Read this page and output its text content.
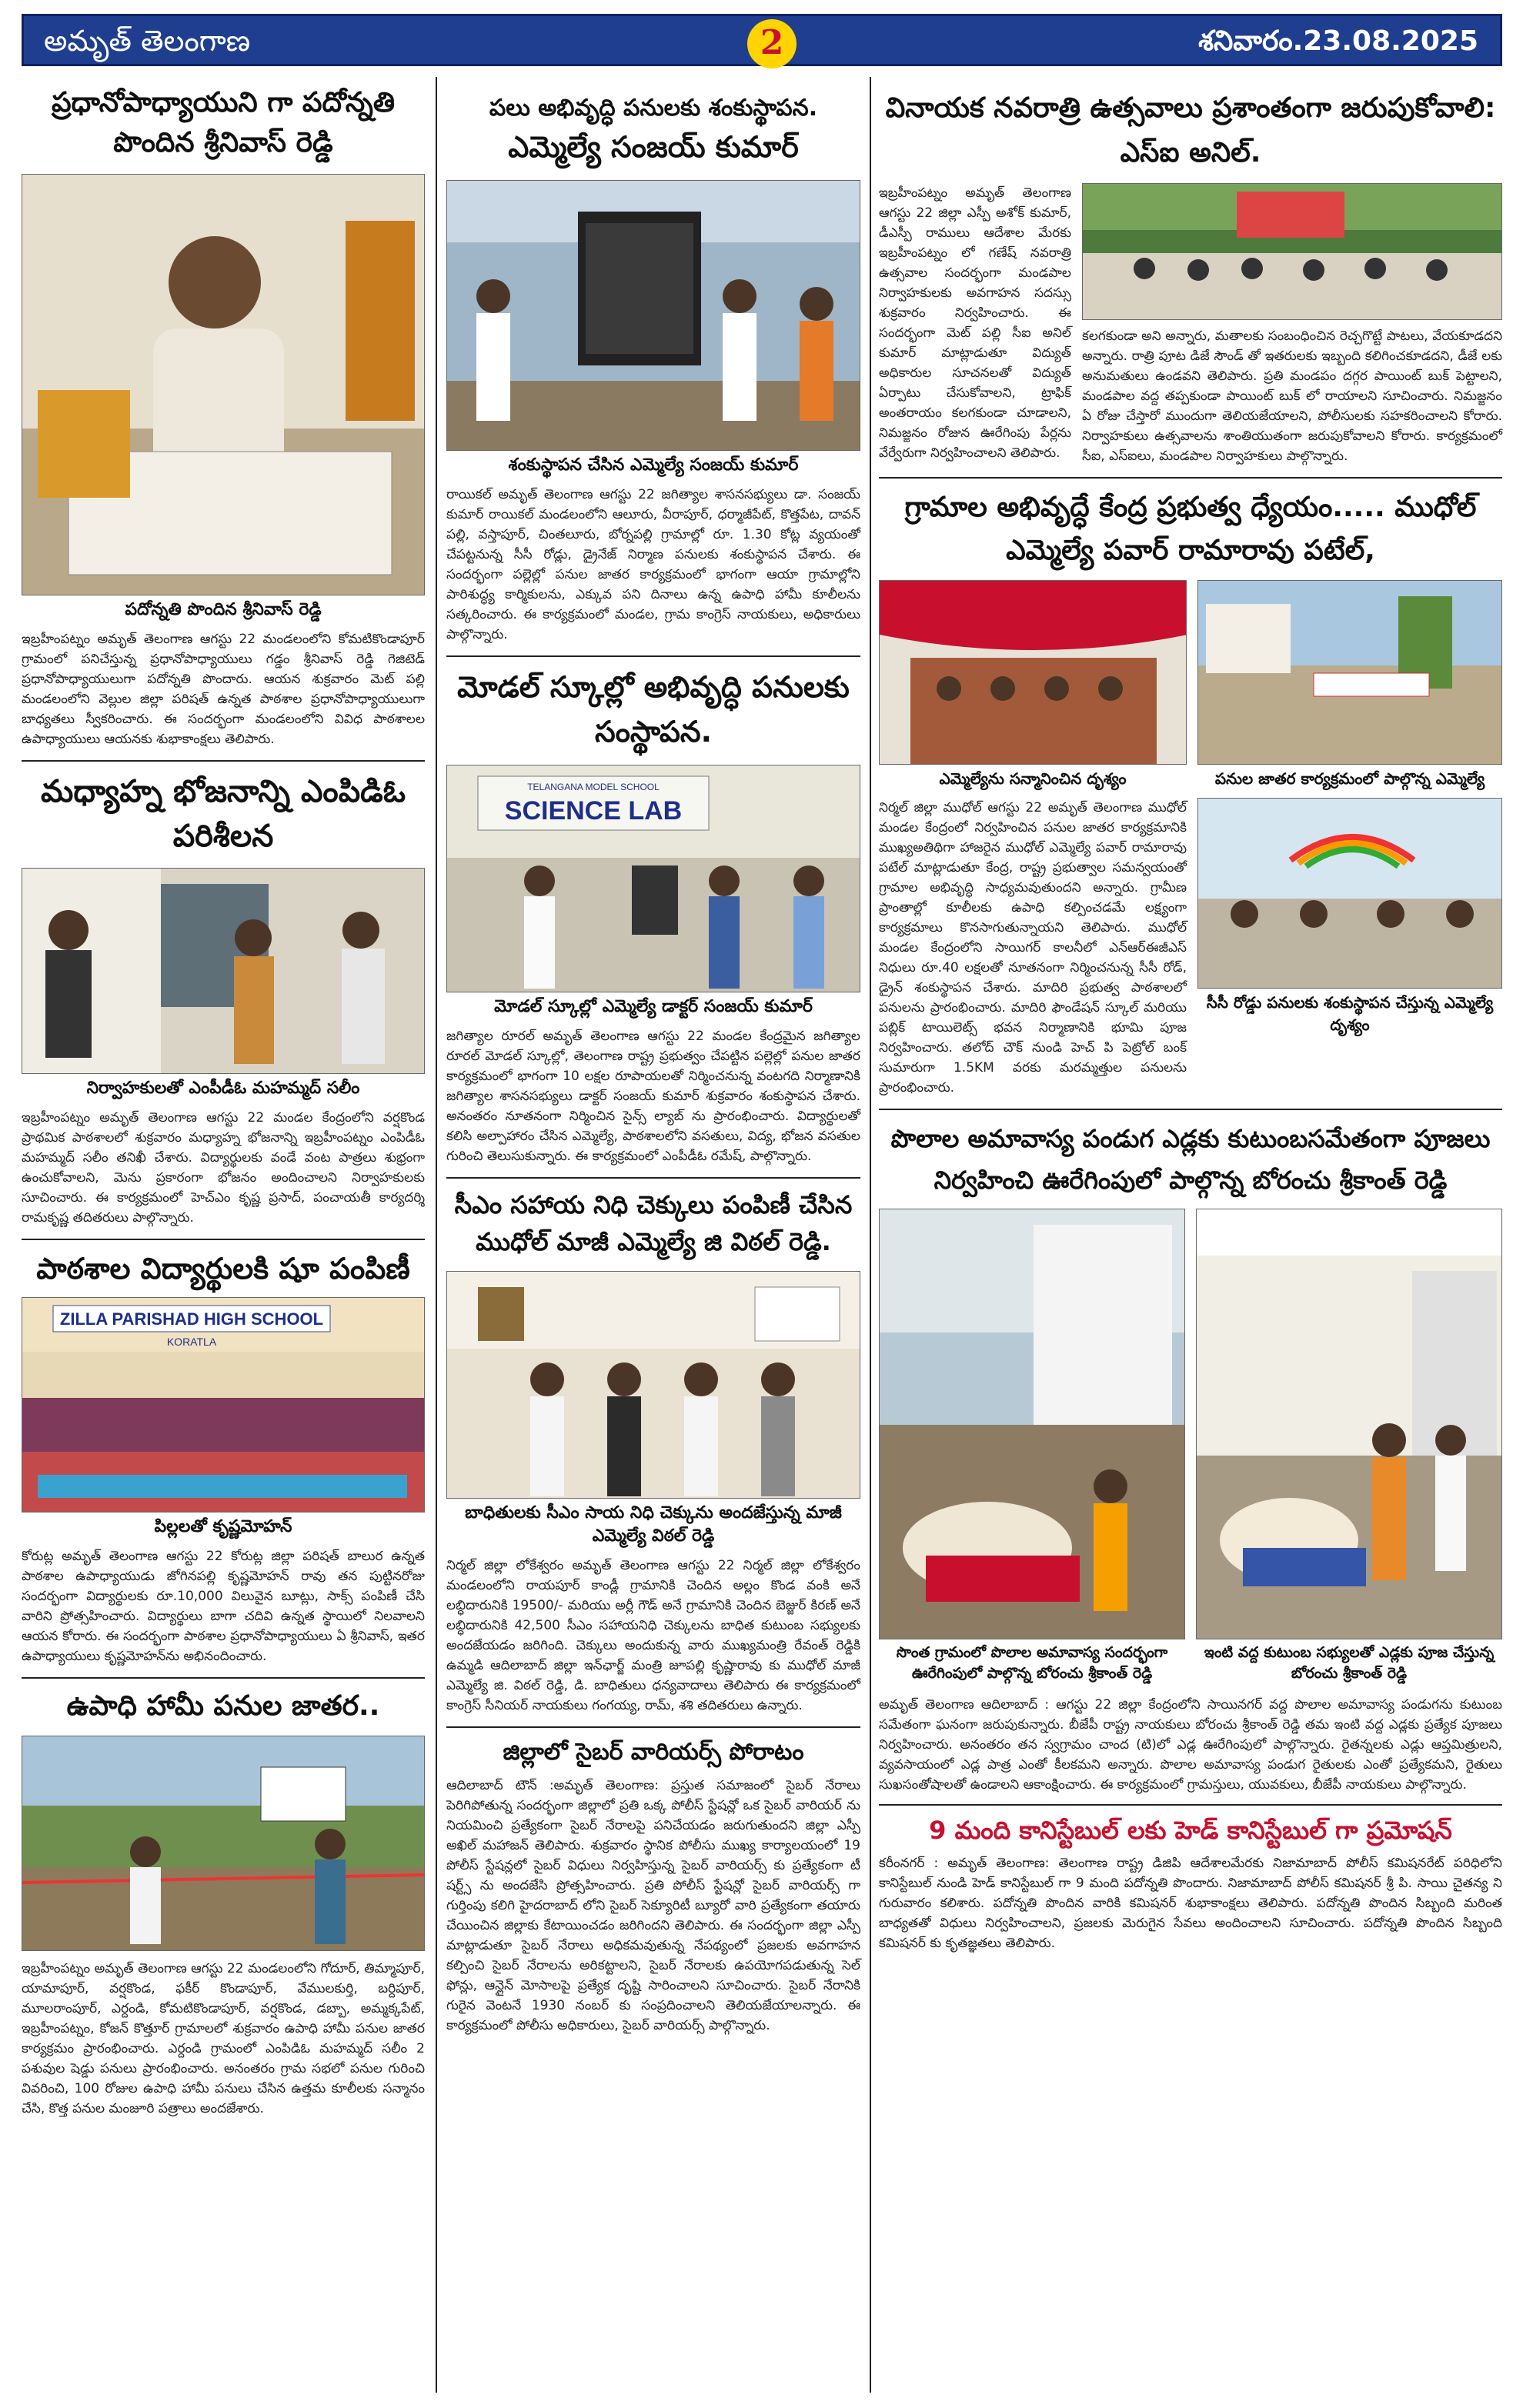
అమృత్ తెలంగాణ	2	శనివారం.23.08.2025
ప్రధానోపాధ్యాయుని గా పదోన్నతి పొందిన శ్రీనివాస్ రెడ్డి
పదోన్నతి పొందిన శ్రీనివాస్ రెడ్డి

ఇబ్రహీంపట్నం అమృత్ తెలంగాణ ఆగస్టు 22 మండలంలోని కోమటికొండాపూర్ గ్రామంలో పనిచేస్తున్న ప్రధానోపాధ్యాయులు గడ్డం శ్రీనివాస్ రెడ్డి గెజిటెడ్ ప్రధానోపాధ్యాయులుగా పదోన్నతి పొందారు. ఆయన శుక్రవారం మెట్ పల్లి మండలంలోని వెల్లుల జిల్లా పరిషత్ ఉన్నత పాఠశాల ప్రధానోపాధ్యాయులుగా బాధ్యతలు స్వీకరించారు. ఈ సందర్భంగా మండలంలోని వివిధ పాఠశాలల ఉపాధ్యాయులు ఆయనకు శుభాకాంక్షలు తెలిపారు.

మధ్యాహ్న భోజనాన్ని ఎంపిడిఓ పరిశీలన
నిర్వాహకులతో ఎంపీడీఓ మహమ్మద్ సలీం

ఇబ్రహీంపట్నం అమృత్ తెలంగాణ ఆగస్టు 22 మండల కేంద్రంలోని వర్షకొండ ప్రాథమిక పాఠశాలలో శుక్రవారం మధ్యాహ్న భోజనాన్ని ఇబ్రహీంపట్నం ఎంపిడీఓ మహమ్మద్ సలీం తనిఖీ చేశారు. విద్యార్థులకు వండే వంట పాత్రలు శుభ్రంగా ఉంచుకోవాలని, మెను ప్రకారంగా భోజనం అందించాలని నిర్వాహకులకు సూచించారు. ఈ కార్యక్రమంలో హెచ్ఎం కృష్ణ ప్రసాద్, పంచాయతీ కార్యదర్శి రామకృష్ణ తదితరులు పాల్గొన్నారు.

పాఠశాల విద్యార్థులకి షూ పంపిణీ
ZILLA PARISHAD HIGH SCHOOL
KORATLA
పిల్లలతో కృష్ణమోహన్

కోరుట్ల అమృత్ తెలంగాణ ఆగస్టు 22 కోరుట్ల జిల్లా పరిషత్ బాలుర ఉన్నత పాఠశాల ఉపాధ్యాయుడు జోగినపల్లి కృష్ణమోహన్ రావు తన పుట్టినరోజు సందర్భంగా విద్యార్థులకు రూ.10,000 విలువైన బూట్లు, సాక్స్ పంపిణీ చేసి వారిని ప్రోత్సహించారు. విద్యార్థులు బాగా చదివి ఉన్నత స్థాయిలో నిలవాలని ఆయన కోరారు. ఈ సందర్భంగా పాఠశాల ప్రధానోపాధ్యాయులు ఏ శ్రీనివాస్, ఇతర ఉపాధ్యాయులు కృష్ణమోహన్‌ను అభినందించారు.

ఉపాధి హామీ పనుల జాతర..

ఇబ్రహీంపట్నం అమృత్ తెలంగాణ ఆగస్టు 22 మండలంలోని గోదూర్, తిమ్మాపూర్, యామాపూర్, వర్షకొండ, ఫకీర్ కొండాపూర్, వేములకుర్తి, బర్దిపూర్, మూలరాంపూర్, ఎర్దండి, కోమటికొండాపూర్, వర్షకొండ, డబ్బా, అమ్మక్కపేట్, ఇబ్రహీంపట్నం, కోజన్ కొత్తూర్ గ్రామాలలో శుక్రవారం ఉపాధి హామీ పనుల జాతర కార్యక్రమం ప్రారంభించారు. ఎర్దండి గ్రామంలో ఎంపిడిఓ మహమ్మద్ సలీం 2 పశువుల షెడ్డు పనులు ప్రారంభించారు. అనంతరం గ్రామ సభలో పనుల గురించి వివరించి, 100 రోజుల ఉపాధి హామీ పనులు చేసిన ఉత్తమ కూలీలకు సన్మానం చేసి, కొత్త పనుల మంజూరి పత్రాలు అందజేశారు.

పలు అభివృద్ధి పనులకు శంకుస్థాపన.
ఎమ్మెల్యే సంజయ్ కుమార్
శంకుస్థాపన చేసిన ఎమ్మెల్యే సంజయ్ కుమార్

రాయికల్ అమృత్ తెలంగాణ ఆగస్టు 22 జగిత్యాల శాసనసభ్యులు డా. సంజయ్ కుమార్ రాయికల్ మండలంలోని ఆలూరు, వీరాపూర్, ధర్మాజీపేట్, కొత్తపేట, దావన్ పల్లి, వస్తాపూర్, చింతలూరు, బోర్నపల్లి గ్రామాల్లో రూ. 1.30 కోట్ల వ్యయంతో చేపట్టనున్న సీసీ రోడ్లు, డ్రైనేజ్ నిర్మాణ పనులకు శంకుస్థాపన చేశారు. ఈ సందర్భంగా పల్లెల్లో పనుల జాతర కార్యక్రమంలో భాగంగా ఆయా గ్రామాల్లోని పారిశుద్ధ్య కార్మికులను, ఎక్కువ పని దినాలు ఉన్న ఉపాధి హామీ కూలీలను సత్కరించారు. ఈ కార్యక్రమంలో మండల, గ్రామ కాంగ్రెస్ నాయకులు, అధికారులు పాల్గొన్నారు.

మోడల్ స్కూల్లో అభివృద్ధి పనులకు సంస్థాపన.
TELANGANA MODEL SCHOOL
SCIENCE LAB
మోడల్ స్కూల్లో ఎమ్మెల్యే డాక్టర్ సంజయ్ కుమార్

జగిత్యాల రూరల్ అమృత్ తెలంగాణ ఆగస్టు 22 మండల కేంద్రమైన జగిత్యాల రూరల్ మోడల్ స్కూల్లో, తెలంగాణ రాష్ట్ర ప్రభుత్వం చేపట్టిన పల్లెల్లో పనుల జాతర కార్యక్రమంలో భాగంగా 10 లక్షల రూపాయలతో నిర్మించనున్న వంటగది నిర్మాణానికి జగిత్యాల శాసనసభ్యులు డాక్టర్ సంజయ్ కుమార్ శుక్రవారం శంకుస్థాపన చేశారు. అనంతరం నూతనంగా నిర్మించిన సైన్స్ ల్యాబ్ ను ప్రారంభించారు. విద్యార్థులతో కలిసి అల్పాహారం చేసిన ఎమ్మెల్యే, పాఠశాలలోని వసతులు, విద్య, భోజన వసతుల గురించి తెలుసుకున్నారు. ఈ కార్యక్రమంలో ఎంపీడీఓ రమేష్, పాల్గొన్నారు.

సీఎం సహాయ నిధి చెక్కులు పంపిణీ చేసిన ముధోల్ మాజీ ఎమ్మెల్యే జి విఠల్ రెడ్డి.
బాధితులకు సీఎం సాయ నిధి చెక్కును అందజేస్తున్న మాజీ ఎమ్మెల్యే విఠల్ రెడ్డి

నిర్మల్ జిల్లా లోకేశ్వరం అమృత్ తెలంగాణ ఆగస్టు 22 నిర్మల్ జిల్లా లోకేశ్వరం మండలంలోని రాయపూర్ కాండ్లీ గ్రామానికి చెందిన అల్లం కొండ వంకి అనే లబ్ధిదారునికి 19500/- మరియు అర్లీ గౌడ్ అనే గ్రామానికి చెందిన బెజ్జుర్ కిరణ్ అనే లబ్ధిదారునికి 42,500 సీఎం సహాయనిధి చెక్కులను బాధిత కుటుంబ సభ్యులకు అందజేయడం జరిగింది. చెక్కులు అందుకున్న వారు ముఖ్యమంత్రి రేవంత్ రెడ్డికి ఉమ్మడి ఆదిలాబాద్ జిల్లా ఇన్‌ఛార్జ్ మంత్రి జూపల్లి కృష్ణారావు కు ముధోల్ మాజీ ఎమ్మెల్యే జి. విఠల్ రెడ్డి, డి. బాధితులు ధన్యవాదాలు తెలిపారు ఈ కార్యక్రమంలో కాంగ్రెస్ సీనియర్ నాయకులు గంగయ్య, రామ్, శశి తదితరులు ఉన్నారు.

జిల్లాలో సైబర్ వారియర్స్ పోరాటం

ఆదిలాబాద్ టౌన్ :అమృత్ తెలంగాణ: ప్రస్తుత సమాజంలో సైబర్ నేరాలు పెరిగిపోతున్న సందర్భంగా జిల్లాలో ప్రతి ఒక్క పోలీస్ స్టేషన్లో ఒక సైబర్ వారియర్ ను నియమించి ప్రత్యేకంగా సైబర్ నేరాలపై పనిచేయడం జరుగుతుందని జిల్లా ఎస్పీ అఖిల్ మహాజన్ తెలిపారు. శుక్రవారం స్థానిక పోలీసు ముఖ్య కార్యాలయంలో 19 పోలీస్ స్టేషన్లలో సైబర్ విధులు నిర్వహిస్తున్న సైబర్ వారియర్స్ కు ప్రత్యేకంగా టీ షర్ట్స్ ను అందజేసి ప్రోత్సహించారు. ప్రతి పోలీస్ స్టేషన్లో సైబర్ వారియర్స్ గా గుర్తింపు కలిగి హైదరాబాద్ లోని సైబర్ సెక్యూరిటీ బ్యూరో వారి ప్రత్యేకంగా తయారు చేయించిన జిల్లాకు కేటాయించడం జరిగిందని తెలిపారు. ఈ సందర్భంగా జిల్లా ఎస్పీ మాట్లాడుతూ సైబర్ నేరాలు అధికమవుతున్న నేపథ్యంలో ప్రజలకు అవగాహన కల్పించి సైబర్ నేరాలను అరికట్టాలని, సైబర్ నేరాలకు ఉపయోగపడుతున్న సెల్ ఫోన్లు, ఆన్లైన్ మోసాలపై ప్రత్యేక దృష్టి సారించాలని సూచించారు. సైబర్ నేరానికి గురైన వెంటనే 1930 నంబర్ కు సంప్రదించాలని తెలియజేయాలన్నారు. ఈ కార్యక్రమంలో పోలీసు అధికారులు, సైబర్ వారియర్స్ పాల్గొన్నారు.

వినాయక నవరాత్రి ఉత్సవాలు ప్రశాంతంగా జరుపుకోవాలి: ఎస్ఐ అనిల్.

ఇబ్రహీంపట్నం అమృత్ తెలంగాణ ఆగస్టు 22 జిల్లా ఎస్పీ అశోక్ కుమార్, డీఎస్పీ రాములు ఆదేశాల మేరకు ఇబ్రహీంపట్నం లో గణేష్ నవరాత్రి ఉత్సవాల సందర్భంగా మండపాల నిర్వాహకులకు అవగాహన సదస్సు శుక్రవారం నిర్వహించారు. ఈ సందర్భంగా మెట్ పల్లి సీఐ అనిల్ కుమార్ మాట్లాడుతూ విద్యుత్ అధికారుల సూచనలతో విద్యుత్ ఏర్పాటు చేసుకోవాలని, ట్రాఫిక్ అంతరాయం కలగకుండా చూడాలని, నిమజ్జనం రోజున ఊరేగింపు పేర్లను వేర్వేరుగా నిర్వహించాలని తెలిపారు.

కలగకుండా అని అన్నారు, మతాలకు సంబంధించిన రెచ్చగొట్టే పాటలు, వేయకూడదని అన్నారు. రాత్రి పూట డిజే సౌండ్ తో ఇతరులకు ఇబ్బంది కలిగించకూడదని, డీజే లకు అనుమతులు ఉండవని తెలిపారు. ప్రతి మండపం దగ్గర పాయింట్ బుక్ పెట్టాలని, మండపాల వద్ద తప్పకుండా పాయింట్ బుక్ లో రాయాలని సూచించారు. నిమజ్జనం ఏ రోజు చేస్తారో ముందుగా తెలియజేయాలని, పోలీసులకు సహకరించాలని కోరారు. నిర్వాహకులు ఉత్సవాలను శాంతియుతంగా జరుపుకోవాలని కోరారు. కార్యక్రమంలో సీఐ, ఎస్ఐలు, మండపాల నిర్వాహకులు పాల్గొన్నారు.

గ్రామాల అభివృద్ధే కేంద్ర ప్రభుత్వ ధ్యేయం..... ముధోల్ ఎమ్మెల్యే పవార్ రామారావు పటేల్,
ఎమ్మెల్యేను సన్మానించిన దృశ్యం

నిర్మల్ జిల్లా ముధోల్ ఆగస్టు 22 అమృత్ తెలంగాణ ముధోల్ మండల కేంద్రంలో నిర్వహించిన పనుల జాతర కార్యక్రమానికి ముఖ్యఅతిథిగా హాజరైన ముధోల్ ఎమ్మెల్యే పవార్ రామారావు పటేల్ మాట్లాడుతూ కేంద్ర, రాష్ట్ర ప్రభుత్వాల సమన్వయంతో గ్రామాల అభివృద్ధి సాధ్యమవుతుందని అన్నారు. గ్రామీణ ప్రాంతాల్లో కూలీలకు ఉపాధి కల్పించడమే లక్ష్యంగా కార్యక్రమాలు కొనసాగుతున్నాయని తెలిపారు. ముధోల్ మండల కేంద్రంలోని సాయిగర్ కాలనీలో ఎన్ఆర్ఈజీఎస్ నిధులు రూ.40 లక్షలతో నూతనంగా నిర్మించనున్న సీసీ రోడ్, డ్రైన్ శంకుస్థాపన చేశారు. మాదిరి ప్రభుత్వ పాఠశాలలో పనులను ప్రారంభించారు. మాదిరి ఫౌండేషన్ స్కూల్ మరియు పబ్లిక్ టాయిలెట్స్ భవన నిర్మాణానికి భూమి పూజ నిర్వహించారు. తలోద్ చౌక్ నుండి హెచ్ పి పెట్రోల్ బంక్ సుమారుగా 1.5KM వరకు మరమ్మత్తుల పనులను ప్రారంభించారు.

పనుల జాతర కార్యక్రమంలో పాల్గొన్న ఎమ్మెల్యే
సీసీ రోడ్డు పనులకు శంకుస్థాపన చేస్తున్న ఎమ్మెల్యే దృశ్యం
పొలాల అమావాస్య పండుగ ఎడ్లకు కుటుంబసమేతంగా పూజలు నిర్వహించి ఊరేగింపులో పాల్గొన్న బోరంచు శ్రీకాంత్ రెడ్డి
సొంత గ్రామంలో పొలాల అమావాస్య సందర్భంగా ఊరేగింపులో పాల్గొన్న బోరంచు శ్రీకాంత్ రెడ్డి
ఇంటి వద్ద కుటుంబ సభ్యులతో ఎడ్లకు పూజ చేస్తున్న బోరంచు శ్రీకాంత్ రెడ్డి

అమృత్ తెలంగాణ ఆదిలాబాద్ : ఆగస్టు 22 జిల్లా కేంద్రంలోని సాయినగర్ వద్ద పొలాల అమావాస్య పండుగను కుటుంబ సమేతంగా ఘనంగా జరుపుకున్నారు. బీజేపీ రాష్ట్ర నాయకులు బోరంచు శ్రీకాంత్ రెడ్డి తమ ఇంటి వద్ద ఎడ్లకు ప్రత్యేక పూజలు నిర్వహించారు. అనంతరం తన స్వగ్రామం చాంద (టి)లో ఎడ్ల ఊరేగింపులో పాల్గొన్నారు. రైతన్నలకు ఎడ్లు ఆప్తమిత్రులని, వ్యవసాయంలో ఎడ్ల పాత్ర ఎంతో కీలకమని అన్నారు. పొలాల అమావాస్య పండుగ రైతులకు ఎంతో ప్రత్యేకమని, రైతులు సుఖసంతోషాలతో ఉండాలని ఆకాంక్షించారు. ఈ కార్యక్రమంలో గ్రామస్తులు, యువకులు, బీజేపీ నాయకులు పాల్గొన్నారు.

9 మంది కానిస్టేబుల్ లకు హెడ్ కానిస్టేబుల్ గా ప్రమోషన్

కరీంనగర్ : అమృత్ తెలంగాణ: తెలంగాణ రాష్ట్ర డిజిపి ఆదేశాలమేరకు నిజామాబాద్ పోలీస్ కమిషనరేట్ పరిధిలోని కానిస్టేబుల్ నుండి హెడ్ కానిస్టేబుల్ గా 9 మంది పదోన్నతి పొందారు. నిజామాబాద్ పోలీస్ కమిషనర్ శ్రీ పి. సాయి చైతన్య ని గురువారం కలిశారు. పదోన్నతి పొందిన వారికి కమిషనర్ శుభాకాంక్షలు తెలిపారు. పదోన్నతి పొందిన సిబ్బంది మరింత బాధ్యతతో విధులు నిర్వహించాలని, ప్రజలకు మెరుగైన సేవలు అందించాలని సూచించారు. పదోన్నతి పొందిన సిబ్బంది కమిషనర్ కు కృతజ్ఞతలు తెలిపారు.
